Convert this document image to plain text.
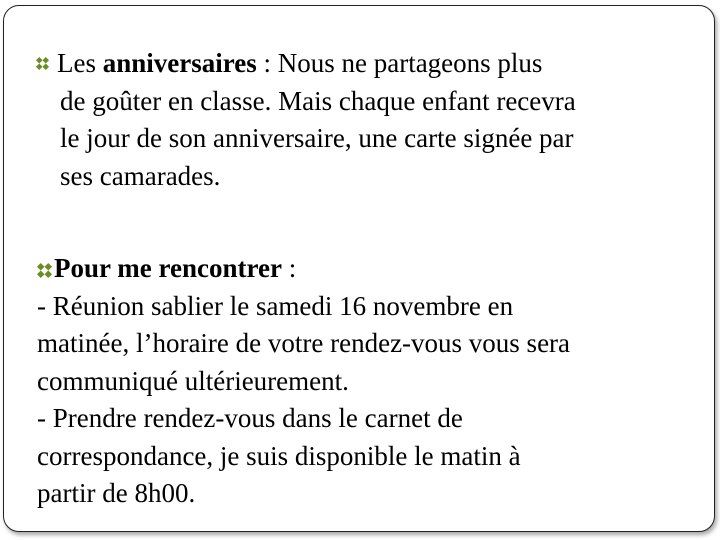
Les anniversaires : Nous ne partageons plus
de goûter en classe. Mais chaque enfant recevra
le jour de son anniversaire, une carte signée par
ses camarades.
Pour me rencontrer :
- Réunion sablier le samedi 16 novembre en
matinée, l’horaire de votre rendez-vous vous sera
communiqué ultérieurement.
- Prendre rendez-vous dans le carnet de
correspondance, je suis disponible le matin à
partir de 8h00.
